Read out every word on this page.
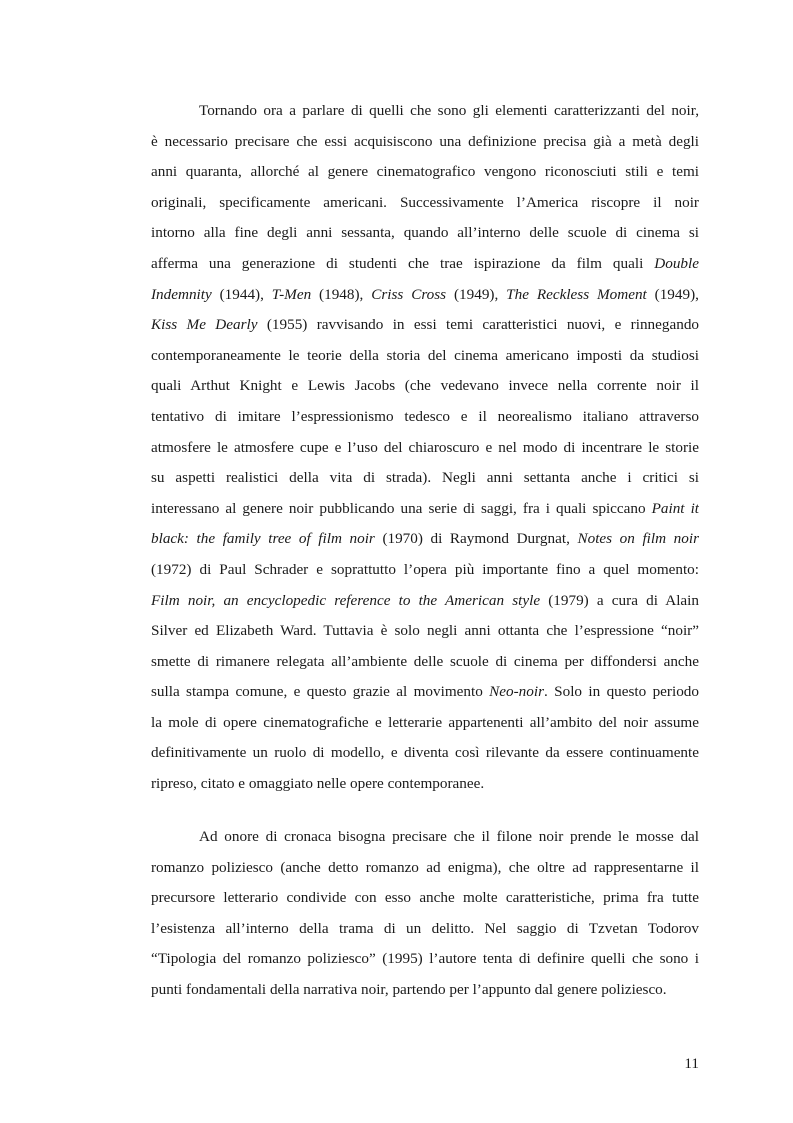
Tornando ora a parlare di quelli che sono gli elementi caratterizzanti del noir,
è necessario precisare che essi acquisiscono una definizione precisa già a metà degli
anni quaranta, allorché al genere cinematografico vengono riconosciuti stili e temi
originali, specificamente americani. Successivamente l’America riscopre il noir
intorno alla fine degli anni sessanta, quando all’interno delle scuole di cinema si
afferma una generazione di studenti che trae ispirazione da film quali Double
Indemnity (1944), T-Men (1948), Criss Cross (1949), The Reckless Moment (1949),
Kiss Me Dearly (1955) ravvisando in essi temi caratteristici nuovi, e rinnegando
contemporaneamente le teorie della storia del cinema americano imposti da studiosi
quali Arthut Knight e Lewis Jacobs (che vedevano invece nella corrente noir il
tentativo di imitare l’espressionismo tedesco e il neorealismo italiano attraverso
atmosfere le atmosfere cupe e l’uso del chiaroscuro e nel modo di incentrare le storie
su aspetti realistici della vita di strada). Negli anni settanta anche i critici si
interessano al genere noir pubblicando una serie di saggi, fra i quali spiccano Paint it
black: the family tree of film noir (1970) di Raymond Durgnat, Notes on film noir
(1972) di Paul Schrader e soprattutto l’opera più importante fino a quel momento:
Film noir, an encyclopedic reference to the American style (1979) a cura di Alain
Silver ed Elizabeth Ward. Tuttavia è solo negli anni ottanta che l’espressione “noir”
smette di rimanere relegata all’ambiente delle scuole di cinema per diffondersi anche
sulla stampa comune, e questo grazie al movimento Neo-noir. Solo in questo periodo
la mole di opere cinematografiche e letterarie appartenenti all’ambito del noir assume
definitivamente un ruolo di modello, e diventa così rilevante da essere continuamente
ripreso, citato e omaggiato nelle opere contemporanee.
Ad onore di cronaca bisogna precisare che il filone noir prende le mosse dal
romanzo poliziesco (anche detto romanzo ad enigma), che oltre ad rappresentarne il
precursore letterario condivide con esso anche molte caratteristiche, prima fra tutte
l’esistenza all’interno della trama di un delitto. Nel saggio di Tzvetan Todorov
“Tipologia del romanzo poliziesco” (1995) l’autore tenta di definire quelli che sono i
punti fondamentali della narrativa noir, partendo per l’appunto dal genere poliziesco.
11
